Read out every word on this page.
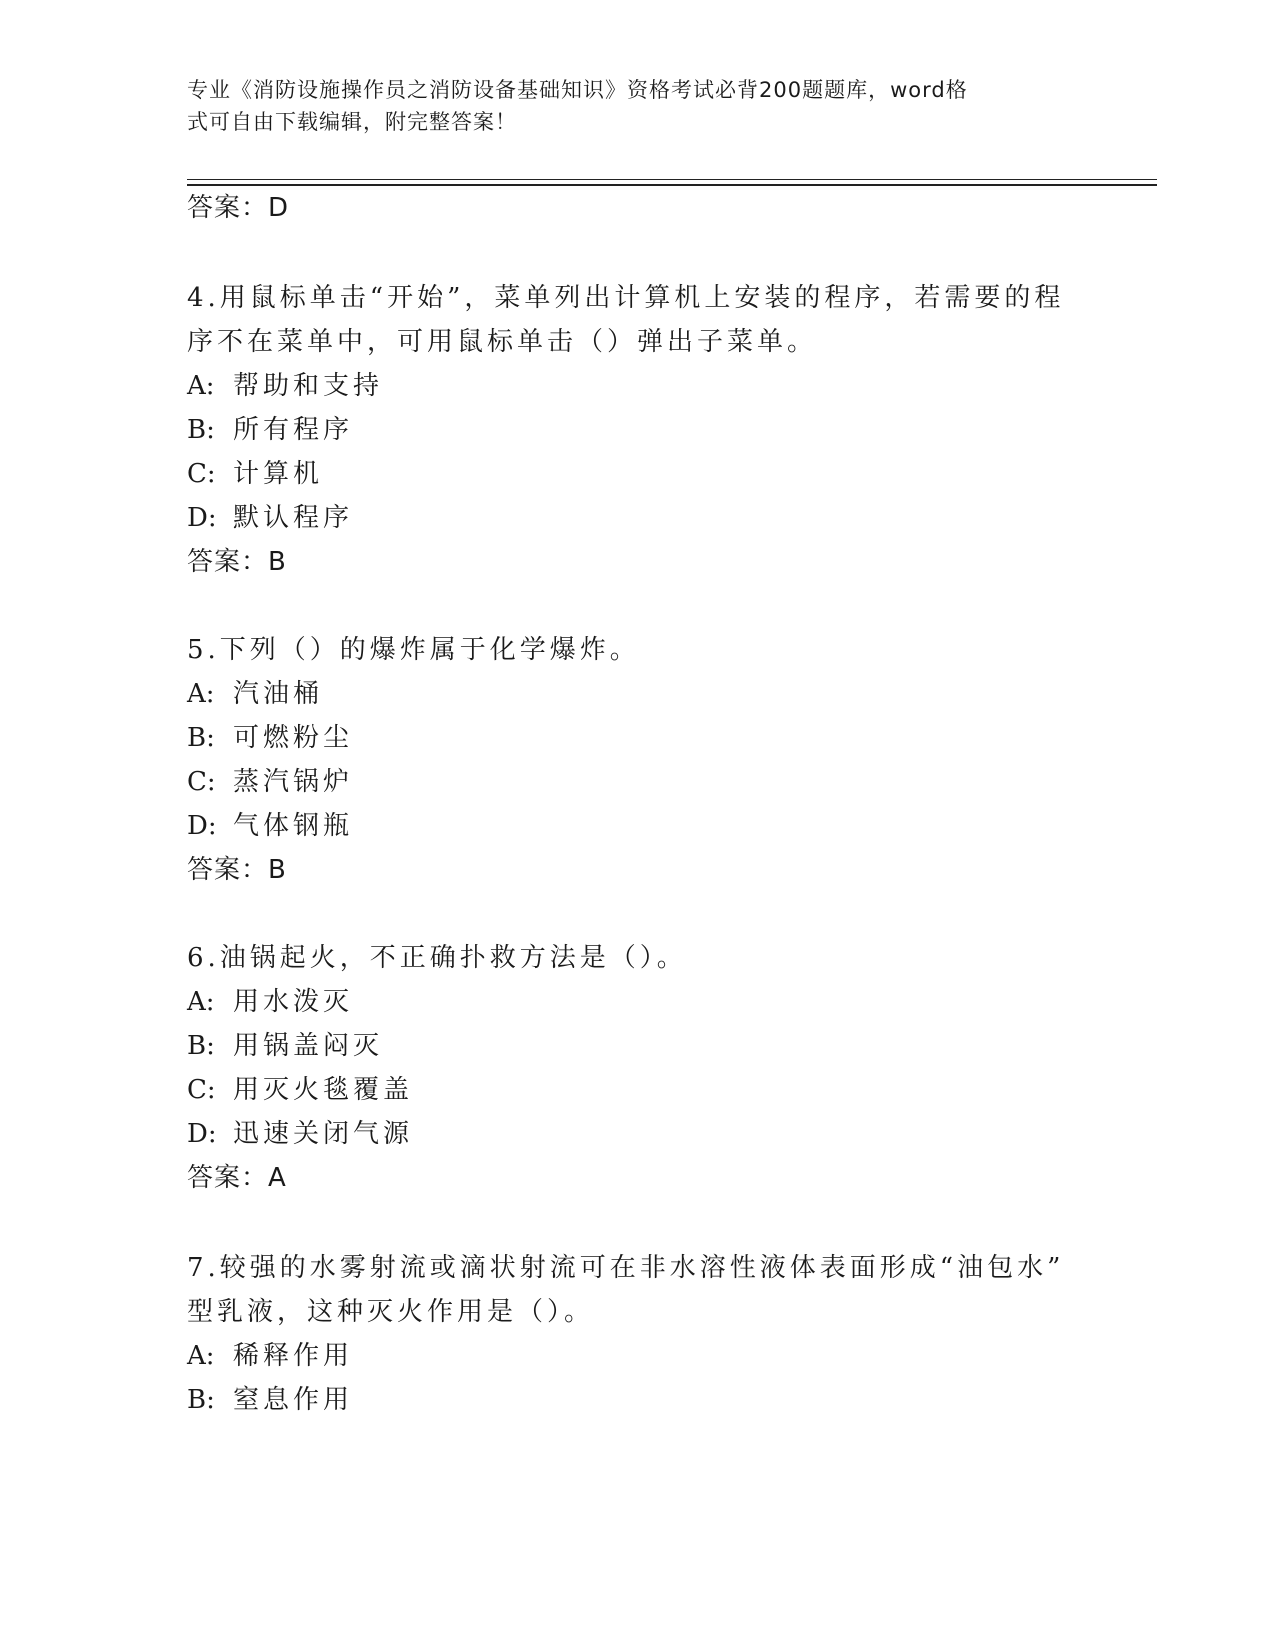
专业《消防设施操作员之消防设备基础知识》资格考试必背200题题库，word格
式可自由下载编辑，附完整答案！
答案：D
4.用鼠标单击“开始”，菜单列出计算机上安装的程序，若需要的程
序不在菜单中，可用鼠标单击（）弹出子菜单。
A: 帮助和支持
B: 所有程序
C: 计算机
D: 默认程序
答案：B
5.下列（）的爆炸属于化学爆炸。
A: 汽油桶
B: 可燃粉尘
C: 蒸汽锅炉
D: 气体钢瓶
答案：B
6.油锅起火，不正确扑救方法是（）。
A: 用水泼灭
B: 用锅盖闷灭
C: 用灭火毯覆盖
D: 迅速关闭气源
答案：A
7.较强的水雾射流或滴状射流可在非水溶性液体表面形成“油包水”
型乳液，这种灭火作用是（）。
A: 稀释作用
B: 窒息作用
